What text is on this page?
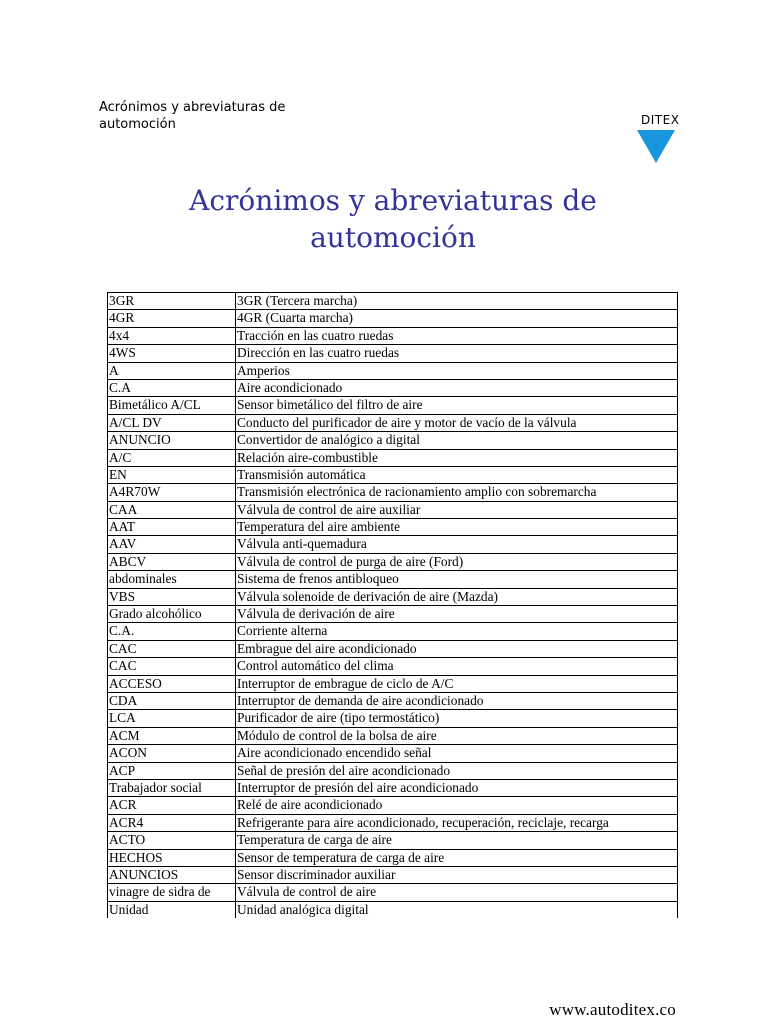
Acrónimos y abreviaturas de automoción	DITEX
Acrónimos y abreviaturas de automoción
3GR	3GR (Tercera marcha)
4GR	4GR (Cuarta marcha)
4x4	Tracción en las cuatro ruedas
4WS	Dirección en las cuatro ruedas
A	Amperios
C.A	Aire acondicionado
Bimetálico A/CL	Sensor bimetálico del filtro de aire
A/CL DV	Conducto del purificador de aire y motor de vacío de la válvula
ANUNCIO	Convertidor de analógico a digital
A/C	Relación aire-combustible
EN	Transmisión automática
A4R70W	Transmisión electrónica de racionamiento amplio con sobremarcha
CAA	Válvula de control de aire auxiliar
AAT	Temperatura del aire ambiente
AAV	Válvula anti-quemadura
ABCV	Válvula de control de purga de aire (Ford)
abdominales	Sistema de frenos antibloqueo
VBS	Válvula solenoide de derivación de aire (Mazda)
Grado alcohólico	Válvula de derivación de aire
C.A.	Corriente alterna
CAC	Embrague del aire acondicionado
CAC	Control automático del clima
ACCESO	Interruptor de embrague de ciclo de A/C
CDA	Interruptor de demanda de aire acondicionado
LCA	Purificador de aire (tipo termostático)
ACM	Módulo de control de la bolsa de aire
ACON	Aire acondicionado encendido señal
ACP	Señal de presión del aire acondicionado
Trabajador social	Interruptor de presión del aire acondicionado
ACR	Relé de aire acondicionado
ACR4	Refrigerante para aire acondicionado, recuperación, reciclaje, recarga
ACTO	Temperatura de carga de aire
HECHOS	Sensor de temperatura de carga de aire
ANUNCIOS	Sensor discriminador auxiliar
vinagre de sidra de	Válvula de control de aire
Unidad	Unidad analógica digital
www.autoditex.co
